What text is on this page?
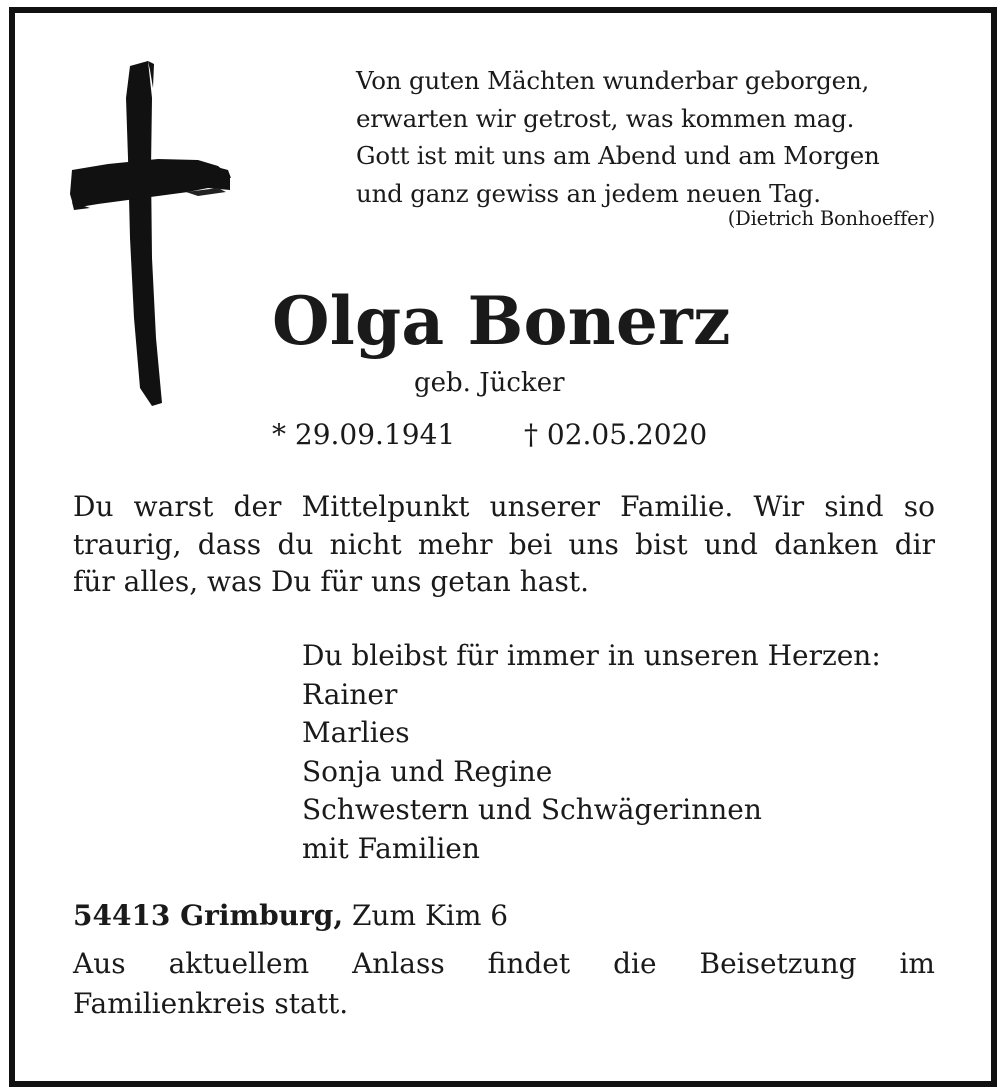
Von guten Mächten wunderbar geborgen,
erwarten wir getrost, was kommen mag.
Gott ist mit uns am Abend und am Morgen
und ganz gewiss an jedem neuen Tag.
(Dietrich Bonhoeffer)
Olga Bonerz
geb. Jücker
* 29.09.1941 † 02.05.2020
Du warst der Mittelpunkt unserer Familie. Wir sind so
traurig, dass du nicht mehr bei uns bist und danken dir
für alles, was Du für uns getan hast.
Du bleibst für immer in unseren Herzen:
Rainer
Marlies
Sonja und Regine
Schwestern und Schwägerinnen
mit Familien
54413 Grimburg, Zum Kim 6
Aus aktuellem Anlass findet die Beisetzung im
Familienkreis statt.
